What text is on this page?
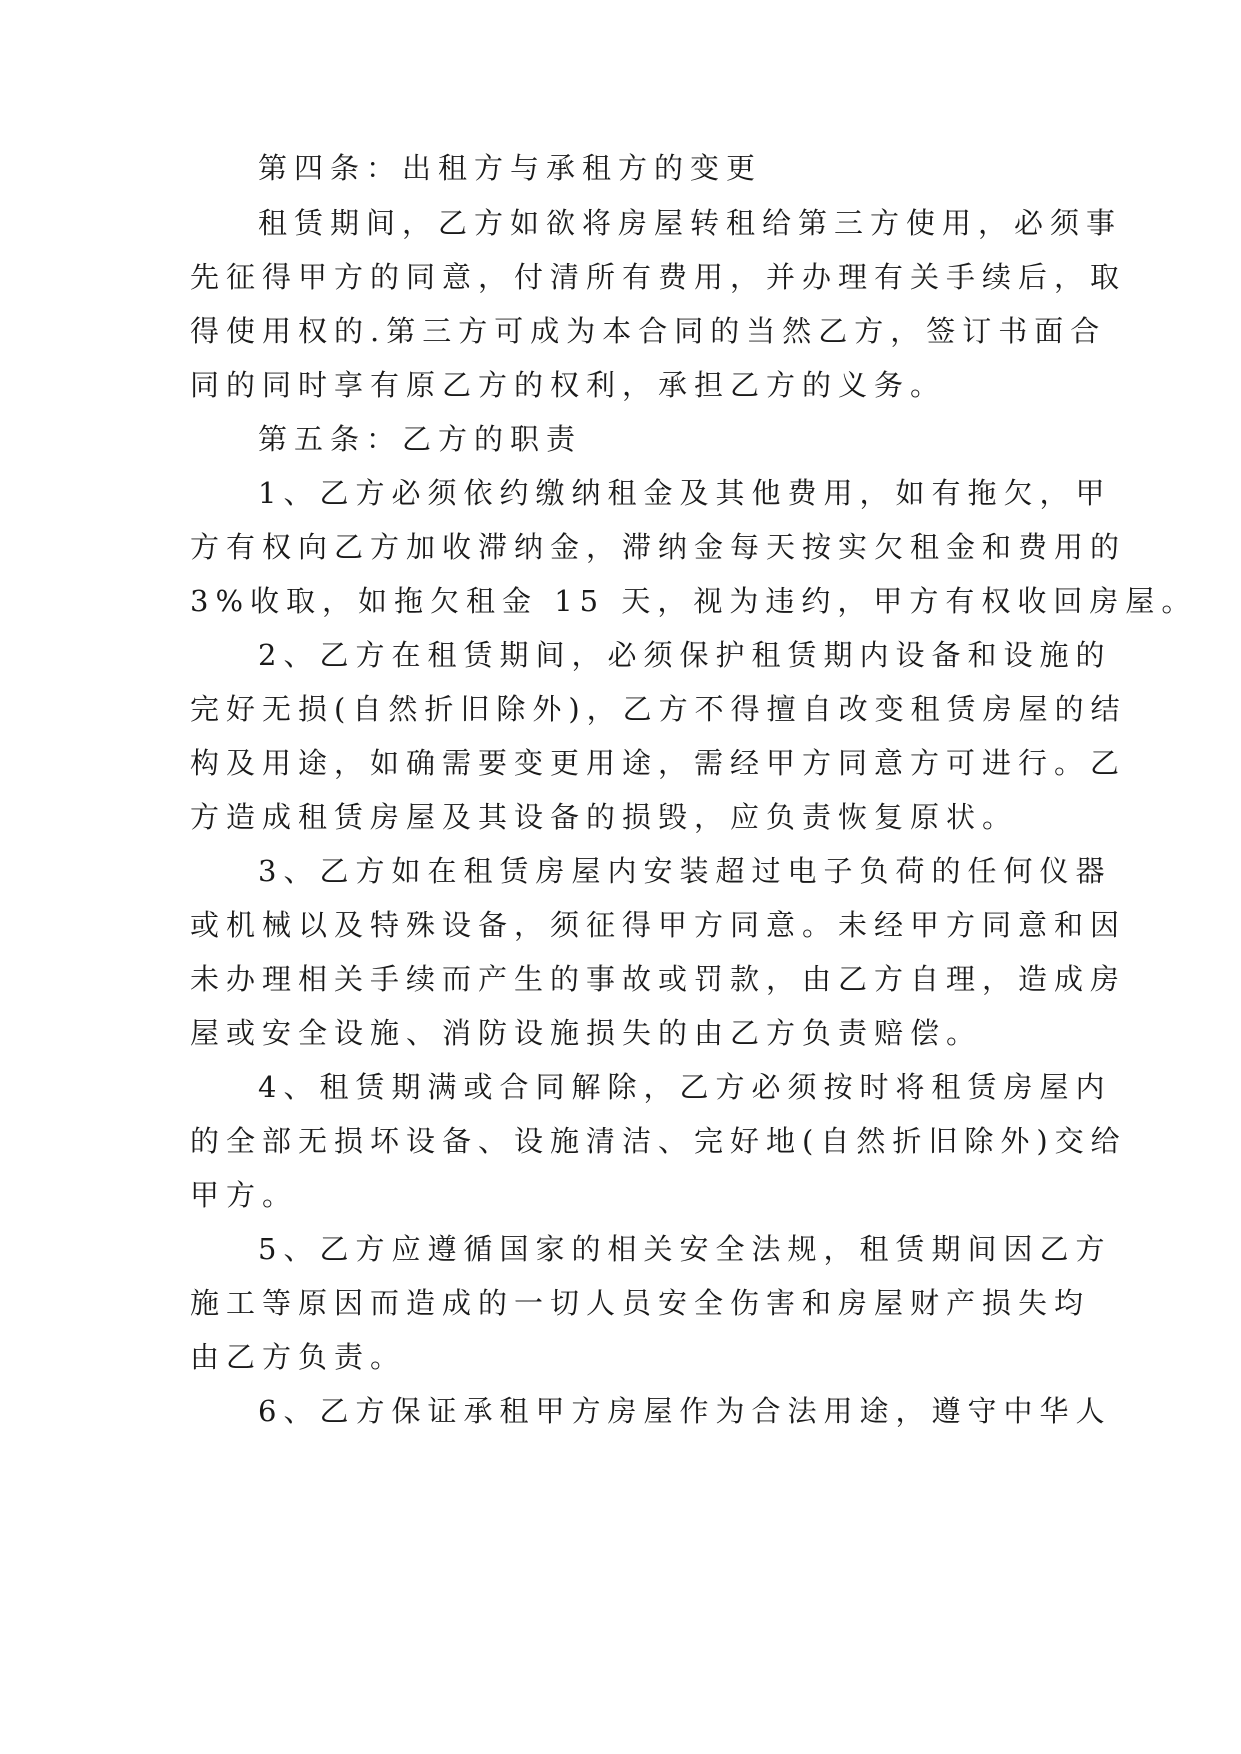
第四条：出租方与承租方的变更
租赁期间，乙方如欲将房屋转租给第三方使用，必须事
先征得甲方的同意，付清所有费用，并办理有关手续后，取
得使用权的.第三方可成为本合同的当然乙方，签订书面合
同的同时享有原乙方的权利，承担乙方的义务。
第五条：乙方的职责
1、乙方必须依约缴纳租金及其他费用，如有拖欠，甲
方有权向乙方加收滞纳金，滞纳金每天按实欠租金和费用的
3%收取，如拖欠租金 15 天，视为违约，甲方有权收回房屋。
2、乙方在租赁期间，必须保护租赁期内设备和设施的
完好无损(自然折旧除外)，乙方不得擅自改变租赁房屋的结
构及用途，如确需要变更用途，需经甲方同意方可进行。乙
方造成租赁房屋及其设备的损毁，应负责恢复原状。
3、乙方如在租赁房屋内安装超过电子负荷的任何仪器
或机械以及特殊设备，须征得甲方同意。未经甲方同意和因
未办理相关手续而产生的事故或罚款，由乙方自理，造成房
屋或安全设施、消防设施损失的由乙方负责赔偿。
4、租赁期满或合同解除，乙方必须按时将租赁房屋内
的全部无损坏设备、设施清洁、完好地(自然折旧除外)交给
甲方。
5、乙方应遵循国家的相关安全法规，租赁期间因乙方
施工等原因而造成的一切人员安全伤害和房屋财产损失均
由乙方负责。
6、乙方保证承租甲方房屋作为合法用途，遵守中华人
